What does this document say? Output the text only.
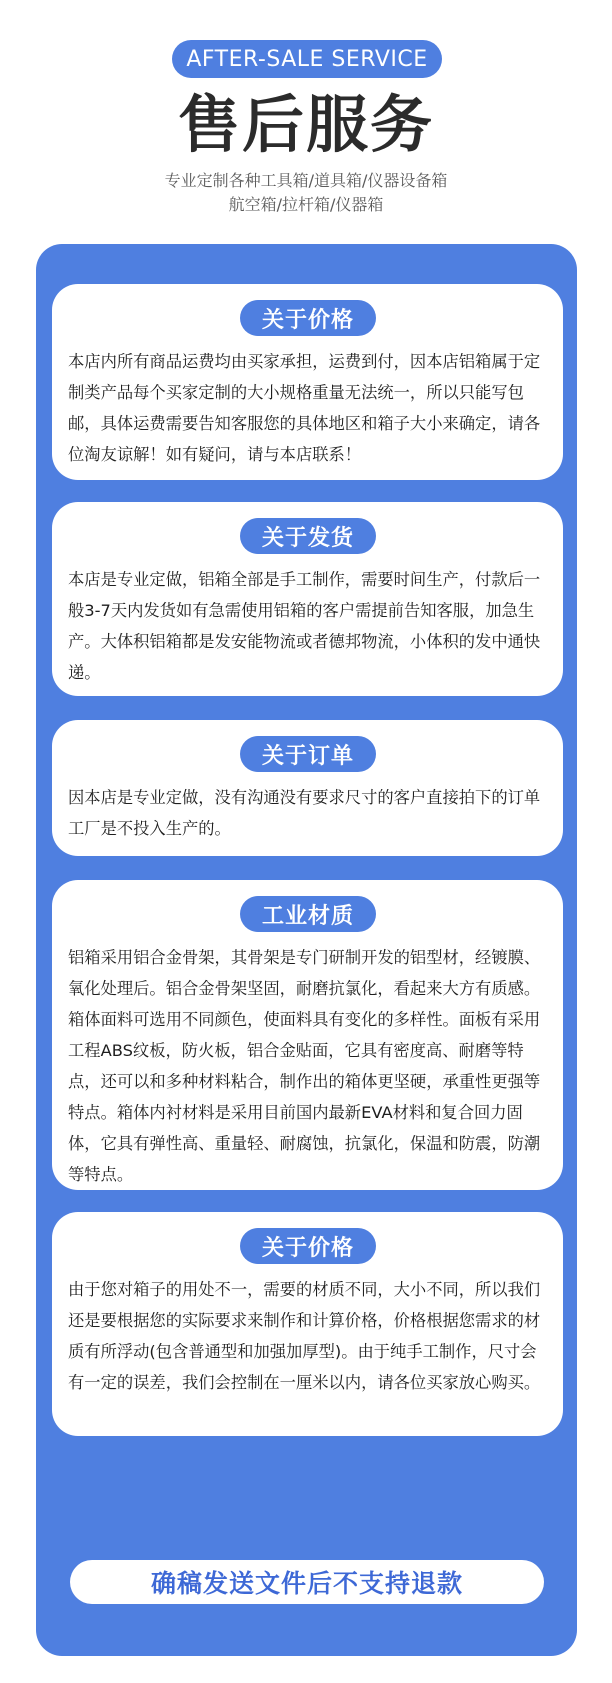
AFTER-SALE SERVICE
售后服务
专业定制各种工具箱/道具箱/仪器设备箱
航空箱/拉杆箱/仪器箱
关于价格

本店内所有商品运费均由买家承担，运费到付，因本店铝箱属于定制类产品每个买家定制的大小规格重量无法统一，所以只能写包邮，具体运费需要告知客服您的具体地区和箱子大小来确定，请各位淘友谅解！如有疑问，请与本店联系！

关于发货

本店是专业定做，铝箱全部是手工制作，需要时间生产，付款后一般3-7天内发货如有急需使用铝箱的客户需提前告知客服，加急生产。大体积铝箱都是发安能物流或者德邦物流，小体积的发中通快递。

关于订单

因本店是专业定做，没有沟通没有要求尺寸的客户直接拍下的订单工厂是不投入生产的。

工业材质

铝箱采用铝合金骨架，其骨架是专门研制开发的铝型材，经镀膜、氧化处理后。铝合金骨架坚固，耐磨抗氯化，看起来大方有质感。箱体面料可选用不同颜色，使面料具有变化的多样性。面板有采用工程ABS纹板，防火板，铝合金贴面，它具有密度高、耐磨等特点，还可以和多种材料粘合，制作出的箱体更坚硬，承重性更强等特点。箱体内衬材料是采用目前国内最新EVA材料和复合回力固体，它具有弹性高、重量轻、耐腐蚀，抗氯化，保温和防震，防潮等特点。

关于价格

由于您对箱子的用处不一，需要的材质不同，大小不同，所以我们还是要根据您的实际要求来制作和计算价格，价格根据您需求的材质有所浮动(包含普通型和加强加厚型)。由于纯手工制作，尺寸会有一定的误差，我们会控制在一厘米以内，请各位买家放心购买。

确稿发送文件后不支持退款
